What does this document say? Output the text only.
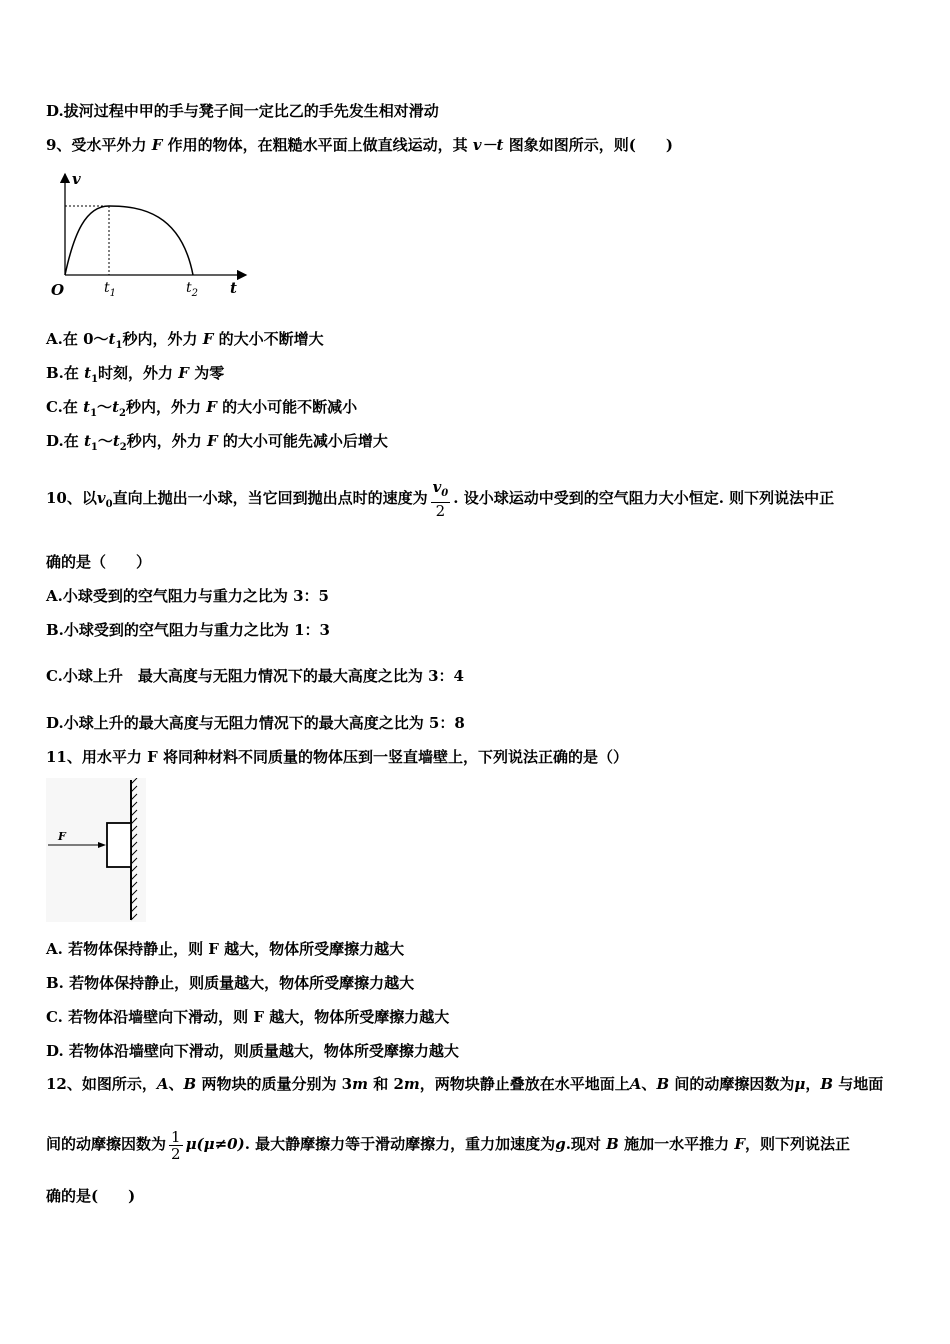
D.拔河过程中甲的手与凳子间一定比乙的手先发生相对滑动
9、受水平外力 F 作用的物体，在粗糙水平面上做直线运动，其 v－t 图象如图所示，则(　　)
v
t
O	$t_1$	$t_2$
A.在 $0\sim t_1$秒内，外力 F 的大小不断增大
B.在 $t_1$时刻，外力 F 为零
C.在 $t_1\sim t_2$秒内，外力 F 的大小可能不断减小
D.在 $t_1\sim t_2$秒内，外力 F 的大小可能先减小后增大
10、以$v_0$直向上抛出一小球，当它回到抛出点时的速度为 $\frac{v_0}{2}$ . 设小球运动中受到的空气阻力大小恒定. 则下列说法中正
确的是（　　）
A.小球受到的空气阻力与重力之比为 3：5
B.小球受到的空气阻力与重力之比为 1：3
C.小球上升　最大高度与无阻力情况下的最大高度之比为 3：4
D.小球上升的最大高度与无阻力情况下的最大高度之比为 5：8
11、用水平力 F 将同种材料不同质量的物体压到一竖直墙壁上，下列说法正确的是（）
F
A. 若物体保持静止，则 F 越大，物体所受摩擦力越大
B. 若物体保持静止，则质量越大，物体所受摩擦力越大
C. 若物体沿墙壁向下滑动，则 F 越大，物体所受摩擦力越大
D. 若物体沿墙壁向下滑动，则质量越大，物体所受摩擦力越大
12、如图所示，A、B 两物块的质量分别为 3m 和 2m，两物块静止叠放在水平地面上A、B 间的动摩擦因数为μ，B 与地面
间的动摩擦因数为 $\frac{1}{2} \mu(\mu\ne 0)$. 最大静摩擦力等于滑动摩擦力，重力加速度为g.现对 B 施加一水平推力 F，则下列说法正
确的是(　　)
